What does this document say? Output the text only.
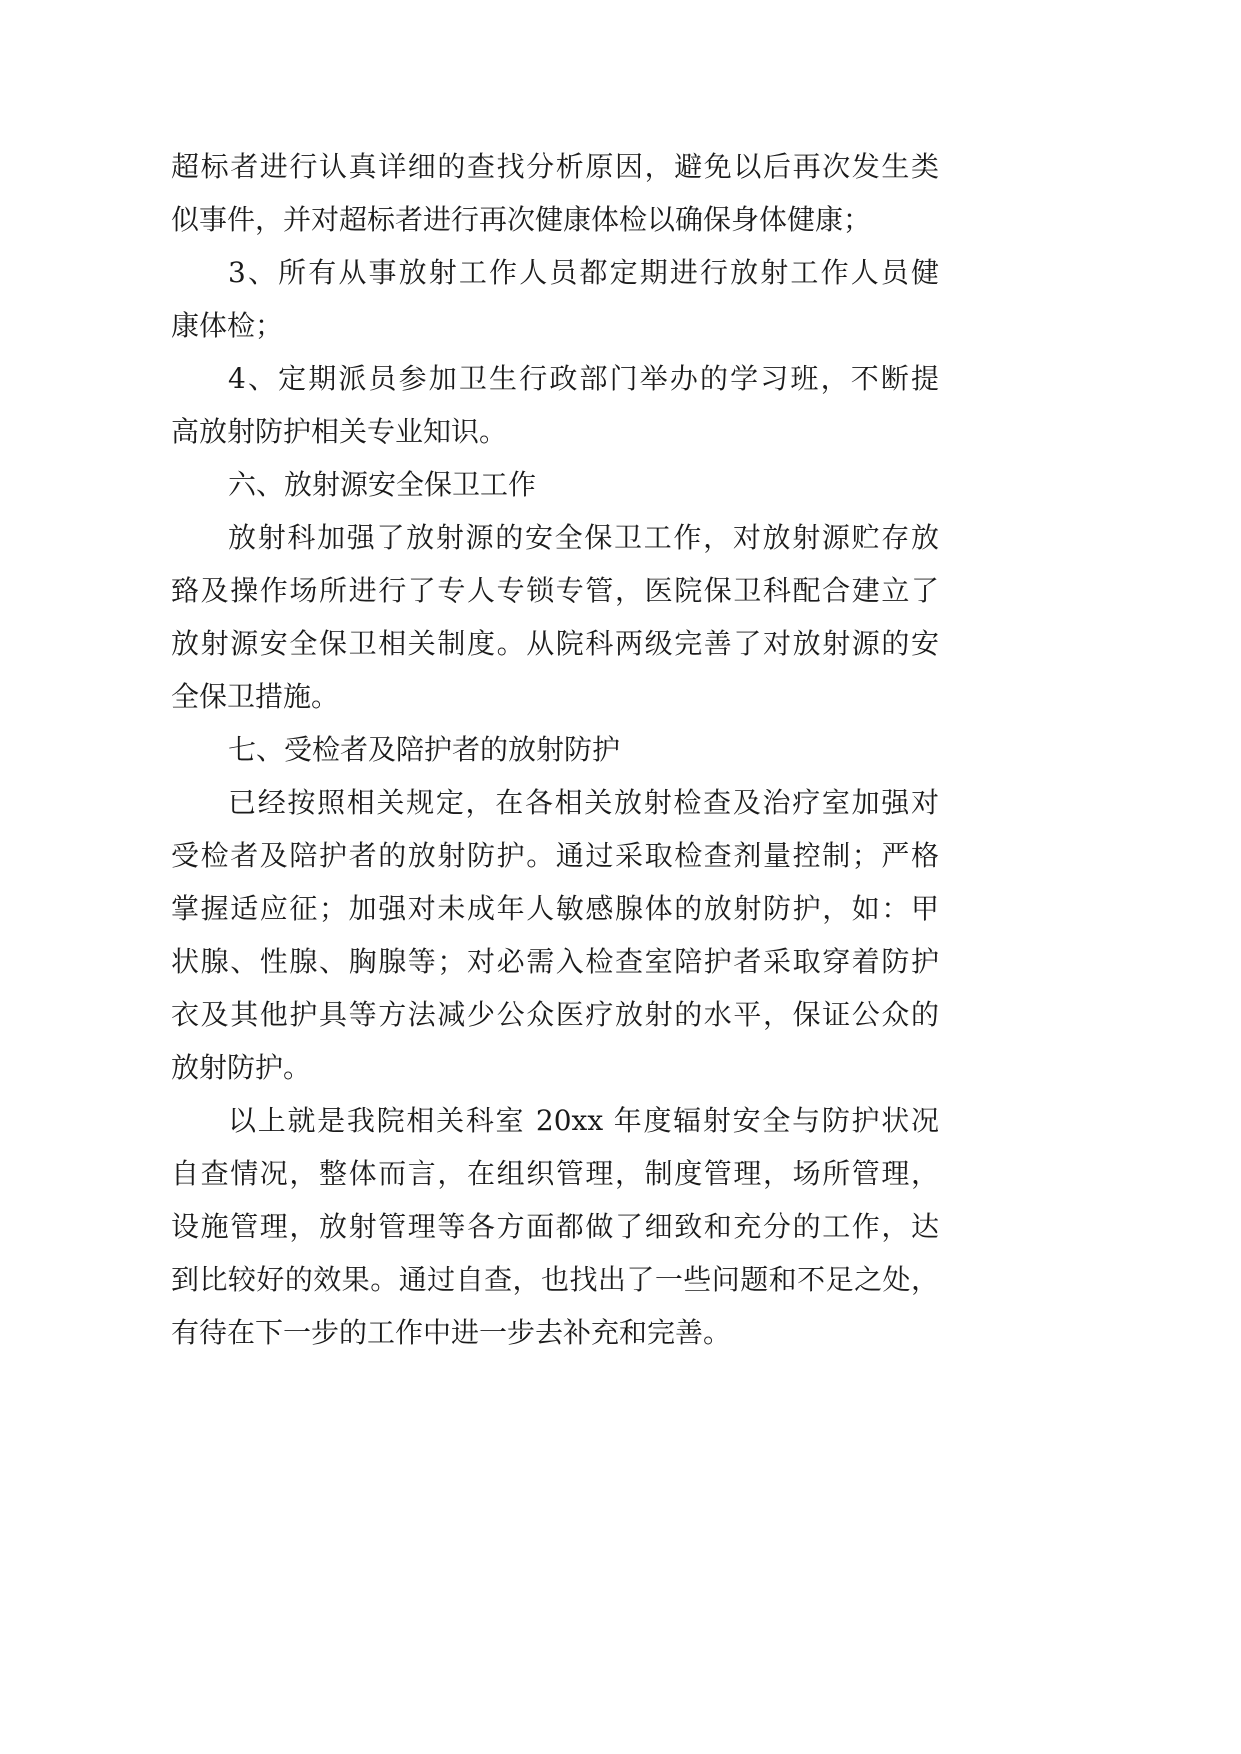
超标者进行认真详细的查找分析原因，避免以后再次发生类
似事件，并对超标者进行再次健康体检以确保身体健康；
3、所有从事放射工作人员都定期进行放射工作人员健
康体检；
4、定期派员参加卫生行政部门举办的学习班，不断提
高放射防护相关专业知识。
六、放射源安全保卫工作
放射科加强了放射源的安全保卫工作，对放射源贮存放
臵及操作场所进行了专人专锁专管，医院保卫科配合建立了
放射源安全保卫相关制度。从院科两级完善了对放射源的安
全保卫措施。
七、受检者及陪护者的放射防护
已经按照相关规定，在各相关放射检查及治疗室加强对
受检者及陪护者的放射防护。通过采取检查剂量控制；严格
掌握适应征；加强对未成年人敏感腺体的放射防护，如：甲
状腺、性腺、胸腺等；对必需入检查室陪护者采取穿着防护
衣及其他护具等方法减少公众医疗放射的水平，保证公众的
放射防护。
以上就是我院相关科室 20xx 年度辐射安全与防护状况
自查情况，整体而言，在组织管理，制度管理，场所管理，
设施管理，放射管理等各方面都做了细致和充分的工作，达
到比较好的效果。通过自查，也找出了一些问题和不足之处，
有待在下一步的工作中进一步去补充和完善。
